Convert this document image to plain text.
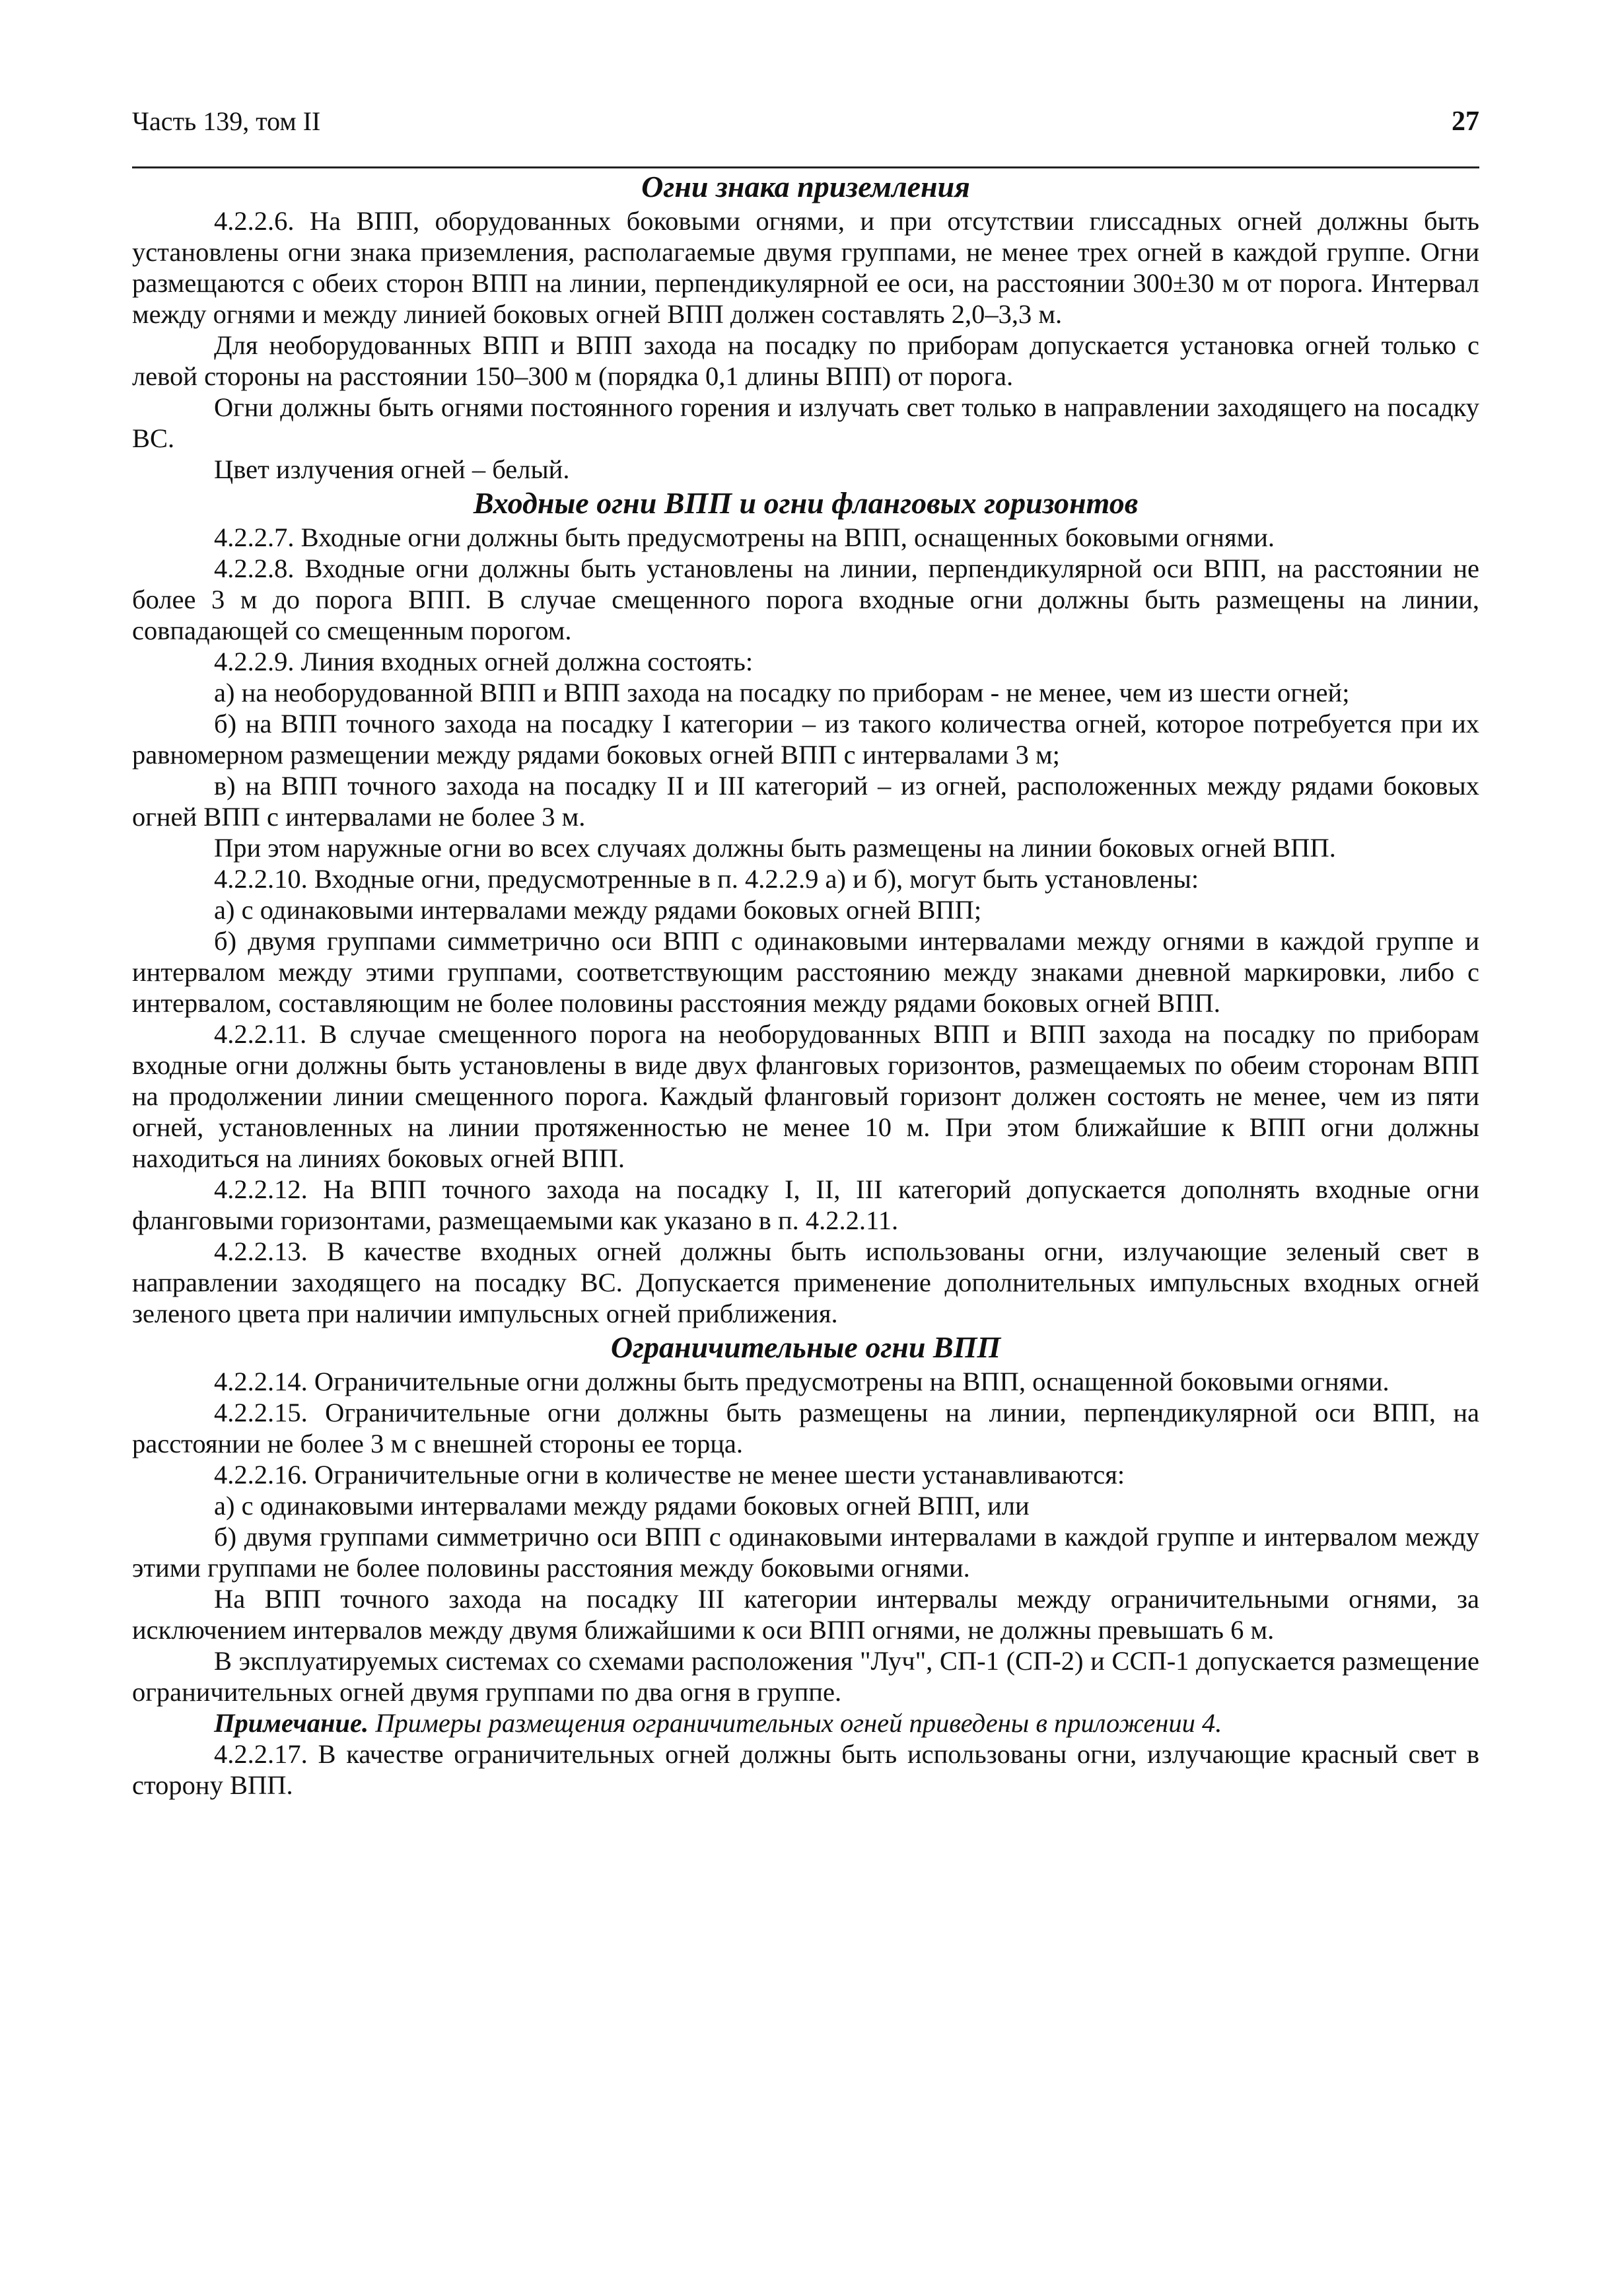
Часть 139, том II	27
Огни знака приземления

4.2.2.6. На ВПП, оборудованных боковыми огнями, и при отсутствии глиссадных огней должны быть установлены огни знака приземления, располагаемые двумя группами, не менее трех огней в каждой группе. Огни размещаются с обеих сторон ВПП на линии, перпендикулярной ее оси, на расстоянии 300±30 м от порога. Интервал между огнями и между линией боковых огней ВПП должен составлять 2,0–3,3 м.

Для необорудованных ВПП и ВПП захода на посадку по приборам допускается установка огней только с левой стороны на расстоянии 150–300 м (порядка 0,1 длины ВПП) от порога.

Огни должны быть огнями постоянного горения и излучать свет только в направлении заходящего на посадку ВС.

Цвет излучения огней – белый.

Входные огни ВПП и огни фланговых горизонтов

4.2.2.7. Входные огни должны быть предусмотрены на ВПП, оснащенных боковыми огнями.

4.2.2.8. Входные огни должны быть установлены на линии, перпендикулярной оси ВПП, на расстоянии не более 3 м до порога ВПП. В случае смещенного порога входные огни должны быть размещены на линии, совпадающей со смещенным порогом.

4.2.2.9. Линия входных огней должна состоять:

а) на необорудованной ВПП и ВПП захода на посадку по приборам - не менее, чем из шести огней;

б) на ВПП точного захода на посадку I категории – из такого количества огней, которое потребуется при их равномерном размещении между рядами боковых огней ВПП с интервалами 3 м;

в) на ВПП точного захода на посадку II и III категорий – из огней, расположенных между рядами боковых огней ВПП с интервалами не более 3 м.

При этом наружные огни во всех случаях должны быть размещены на линии боковых огней ВПП.

4.2.2.10. Входные огни, предусмотренные в п. 4.2.2.9 а) и б), могут быть установлены:

а) с одинаковыми интервалами между рядами боковых огней ВПП;

б) двумя группами симметрично оси ВПП с одинаковыми интервалами между огнями в каждой группе и интервалом между этими группами, соответствующим расстоянию между знаками дневной маркировки, либо с интервалом, составляющим не более половины расстояния между рядами боковых огней ВПП.

4.2.2.11. В случае смещенного порога на необорудованных ВПП и ВПП захода на посадку по приборам входные огни должны быть установлены в виде двух фланговых горизонтов, размещаемых по обеим сторонам ВПП на продолжении линии смещенного порога. Каждый фланговый горизонт должен состоять не менее, чем из пяти огней, установленных на линии протяженностью не менее 10 м. При этом ближайшие к ВПП огни должны находиться на линиях боковых огней ВПП.

4.2.2.12. На ВПП точного захода на посадку I, II, III категорий допускается дополнять входные огни фланговыми горизонтами, размещаемыми как указано в п. 4.2.2.11.

4.2.2.13. В качестве входных огней должны быть использованы огни, излучающие зеленый свет в направлении заходящего на посадку ВС. Допускается применение дополнительных импульсных входных огней зеленого цвета при наличии импульсных огней приближения.

Ограничительные огни ВПП

4.2.2.14. Ограничительные огни должны быть предусмотрены на ВПП, оснащенной боковыми огнями.

4.2.2.15. Ограничительные огни должны быть размещены на линии, перпендикулярной оси ВПП, на расстоянии не более 3 м с внешней стороны ее торца.

4.2.2.16. Ограничительные огни в количестве не менее шести устанавливаются:

а) с одинаковыми интервалами между рядами боковых огней ВПП, или

б) двумя группами симметрично оси ВПП с одинаковыми интервалами в каждой группе и интервалом между этими группами не более половины расстояния между боковыми огнями.

На ВПП точного захода на посадку III категории интервалы между ограничительными огнями, за исключением интервалов между двумя ближайшими к оси ВПП огнями, не должны превышать 6 м.

В эксплуатируемых системах со схемами расположения "Луч", СП-1 (СП-2) и ССП-1 допускается размещение ограничительных огней двумя группами по два огня в группе.

Примечание. Примеры размещения ограничительных огней приведены в приложении 4.

4.2.2.17. В качестве ограничительных огней должны быть использованы огни, излучающие красный свет в сторону ВПП.
